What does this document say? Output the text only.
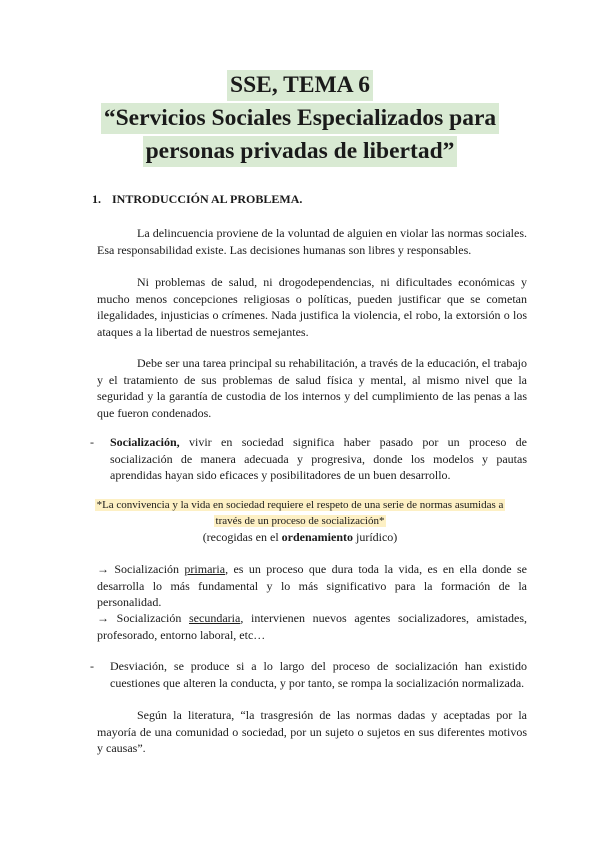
SSE, TEMA 6
“Servicios Sociales Especializados para
personas privadas de libertad”
1. INTRODUCCIÓN AL PROBLEMA.

La delincuencia proviene de la voluntad de alguien en violar las normas sociales. Esa responsabilidad existe. Las decisiones humanas son libres y responsables.

Ni problemas de salud, ni drogodependencias, ni dificultades económicas y mucho menos concepciones religiosas o políticas, pueden justificar que se cometan ilegalidades, injusticias o crímenes. Nada justifica la violencia, el robo, la extorsión o los ataques a la libertad de nuestros semejantes.

Debe ser una tarea principal su rehabilitación, a través de la educación, el trabajo y el tratamiento de sus problemas de salud física y mental, al mismo nivel que la seguridad y la garantía de custodia de los internos y del cumplimiento de las penas a las que fueron condenados.

- Socialización, vivir en sociedad significa haber pasado por un proceso de socialización de manera adecuada y progresiva, donde los modelos y pautas aprendidas hayan sido eficaces y posibilitadores de un buen desarrollo.
*La convivencia y la vida en sociedad requiere el respeto de una serie de normas asumidas a
través de un proceso de socialización*
(recogidas en el ordenamiento jurídico)

→ Socialización primaria, es un proceso que dura toda la vida, es en ella donde se desarrolla lo más fundamental y lo más significativo para la formación de la personalidad.

→ Socialización secundaria, intervienen nuevos agentes socializadores, amistades, profesorado, entorno laboral, etc…

- Desviación, se produce si a lo largo del proceso de socialización han existido cuestiones que alteren la conducta, y por tanto, se rompa la socialización normalizada.

Según la literatura, “la trasgresión de las normas dadas y aceptadas por la mayoría de una comunidad o sociedad, por un sujeto o sujetos en sus diferentes motivos y causas”.
